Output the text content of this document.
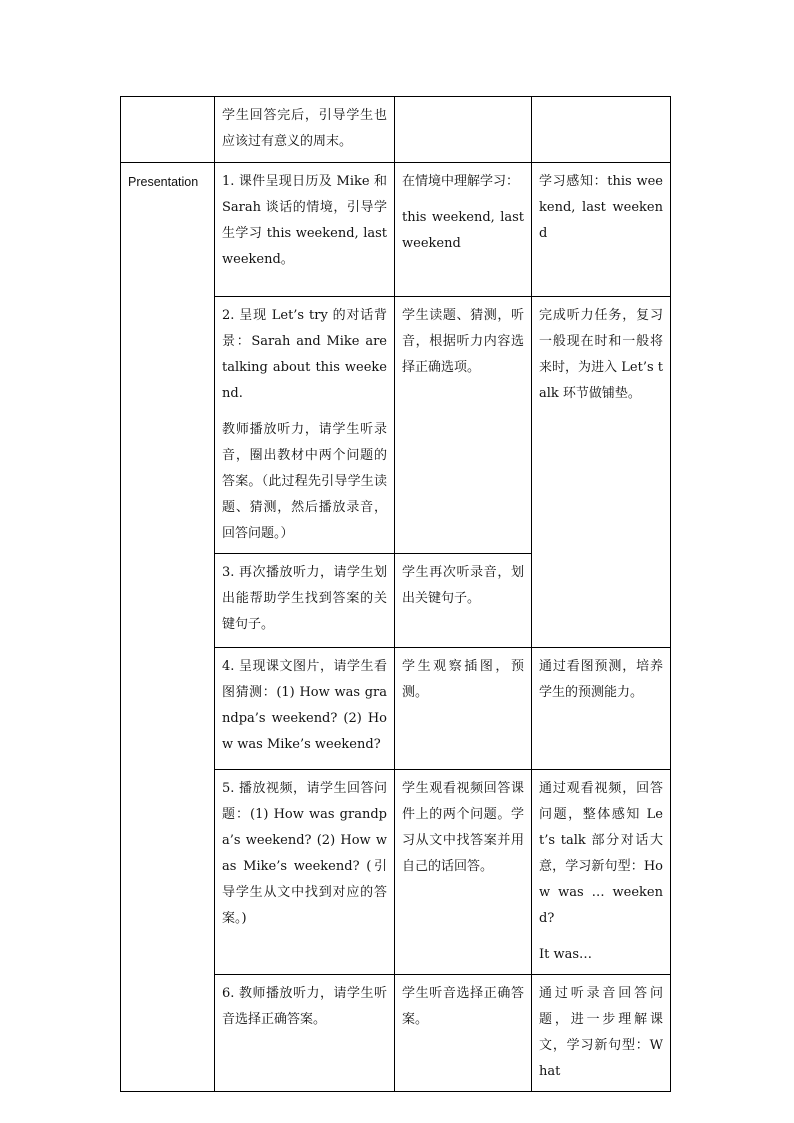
	学生回答完后，引导学生也应该过有意义的周末。		

Presentation	1. 课件呈现日历及 Mike 和 Sarah 谈话的情境，引导学生学习 this weekend, last weekend。	在情境中理解学习：

this weekend, last weekend	学习感知：this weekend, last weekend

	2. 呈现 Let’s try 的对话背景：Sarah and Mike are talking about this weekend.

教师播放听力，请学生听录音，圈出教材中两个问题的答案。（此过程先引导学生读题、猜测，然后播放录音，回答问题。）	学生读题、猜测，听音，根据听力内容选择正确选项。	完成听力任务，复习一般现在时和一般将来时，为进入 Let’s talk 环节做铺垫。

	3. 再次播放听力，请学生划出能帮助学生找到答案的关键句子。	学生再次听录音，划出关键句子。	

	4. 呈现课文图片，请学生看图猜测：(1) How was grandpa’s weekend? (2) How was Mike’s weekend?	学生观察插图，预测。	通过看图预测，培养学生的预测能力。

	5. 播放视频，请学生回答问题：(1) How was grandpa’s weekend? (2) How was Mike’s weekend? (引导学生从文中找到对应的答案。)	学生观看视频回答课件上的两个问题。学习从文中找答案并用自己的话回答。	通过观看视频，回答问题，整体感知 Let’s talk 部分对话大意，学习新句型：How was … weekend?

It was…

	6. 教师播放听力，请学生听音选择正确答案。	学生听音选择正确答案。	通过听录音回答问题，进一步理解课文，学习新句型：What
